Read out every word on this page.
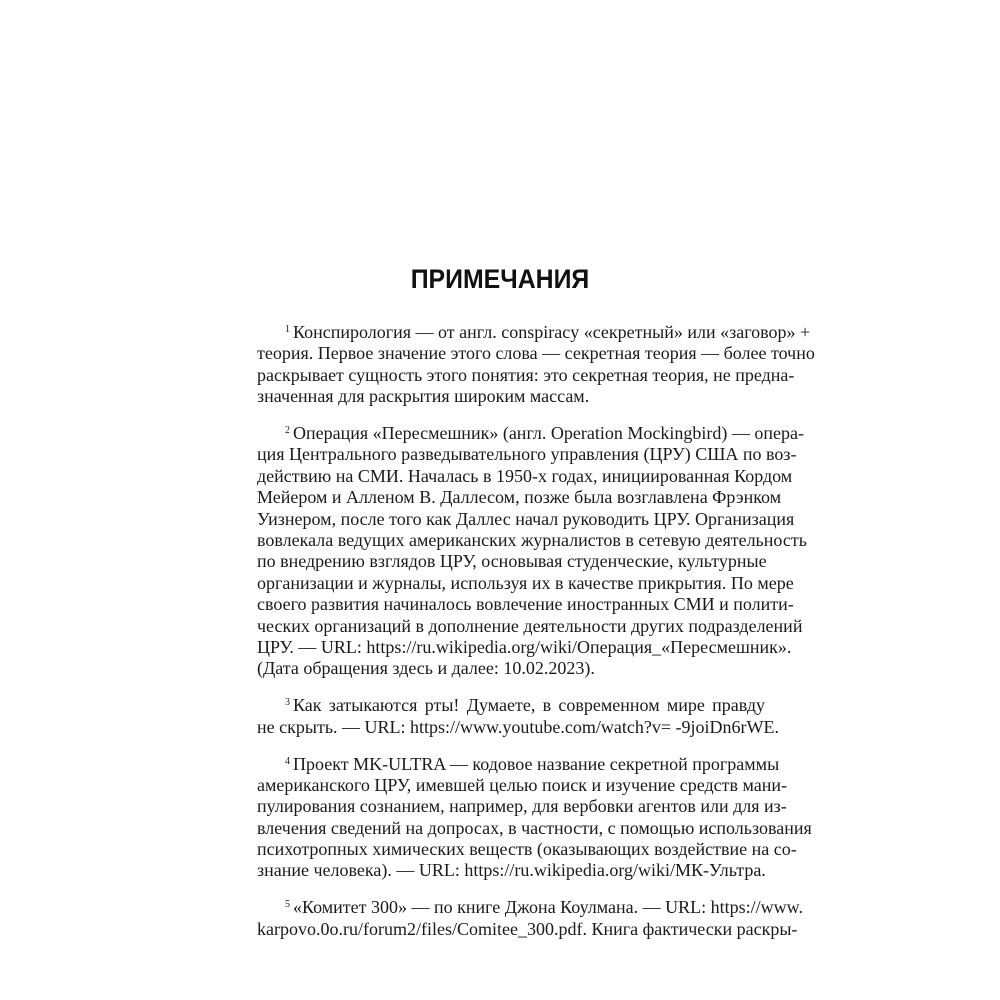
ПРИМЕЧАНИЯ
$^1$ Конспирология — от англ. conspiracy «секретный» или «заговор» +
теория. Первое значение этого слова — секретная теория — более точно
раскрывает сущность этого понятия: это секретная теория, не предна-
значенная для раскрытия широким массам.
$^2$ Операция «Пересмешник» (англ. Operation Mockingbird) — опера-
ция Центрального разведывательного управления (ЦРУ) США по воз-
действию на СМИ. Началась в 1950-х годах, инициированная Кордом
Мейером и Алленом В. Даллесом, позже была возглавлена Фрэнком
Уизнером, после того как Даллес начал руководить ЦРУ. Организация
вовлекала ведущих американских журналистов в сетевую деятельность
по внедрению взглядов ЦРУ, основывая студенческие, культурные
организации и журналы, используя их в качестве прикрытия. По мере
своего развития начиналось вовлечение иностранных СМИ и полити-
ческих организаций в дополнение деятельности других подразделений
ЦРУ. — URL: https://ru.wikipedia.org/wiki/Операция_«Пересмешник».
(Дата обращения здесь и далее: 10.02.2023).
$^3$ Как затыкаются рты! Думаете, в современном мире правду
не скрыть. — URL: https://www.youtube.com/watch?v= -9joiDn6rWE.
$^4$ Проект MK-ULTRA — кодовое название секретной программы
американского ЦРУ, имевшей целью поиск и изучение средств мани-
пулирования сознанием, например, для вербовки агентов или для из-
влечения сведений на допросах, в частности, с помощью использования
психотропных химических веществ (оказывающих воздействие на со-
знание человека). — URL: https://ru.wikipedia.org/wiki/МК-Ультра.
$^5$ «Комитет 300» — по книге Джона Коулмана. — URL: https://www.
karpovo.0o.ru/forum2/files/Comitee_300.pdf. Книга фактически раскры-
